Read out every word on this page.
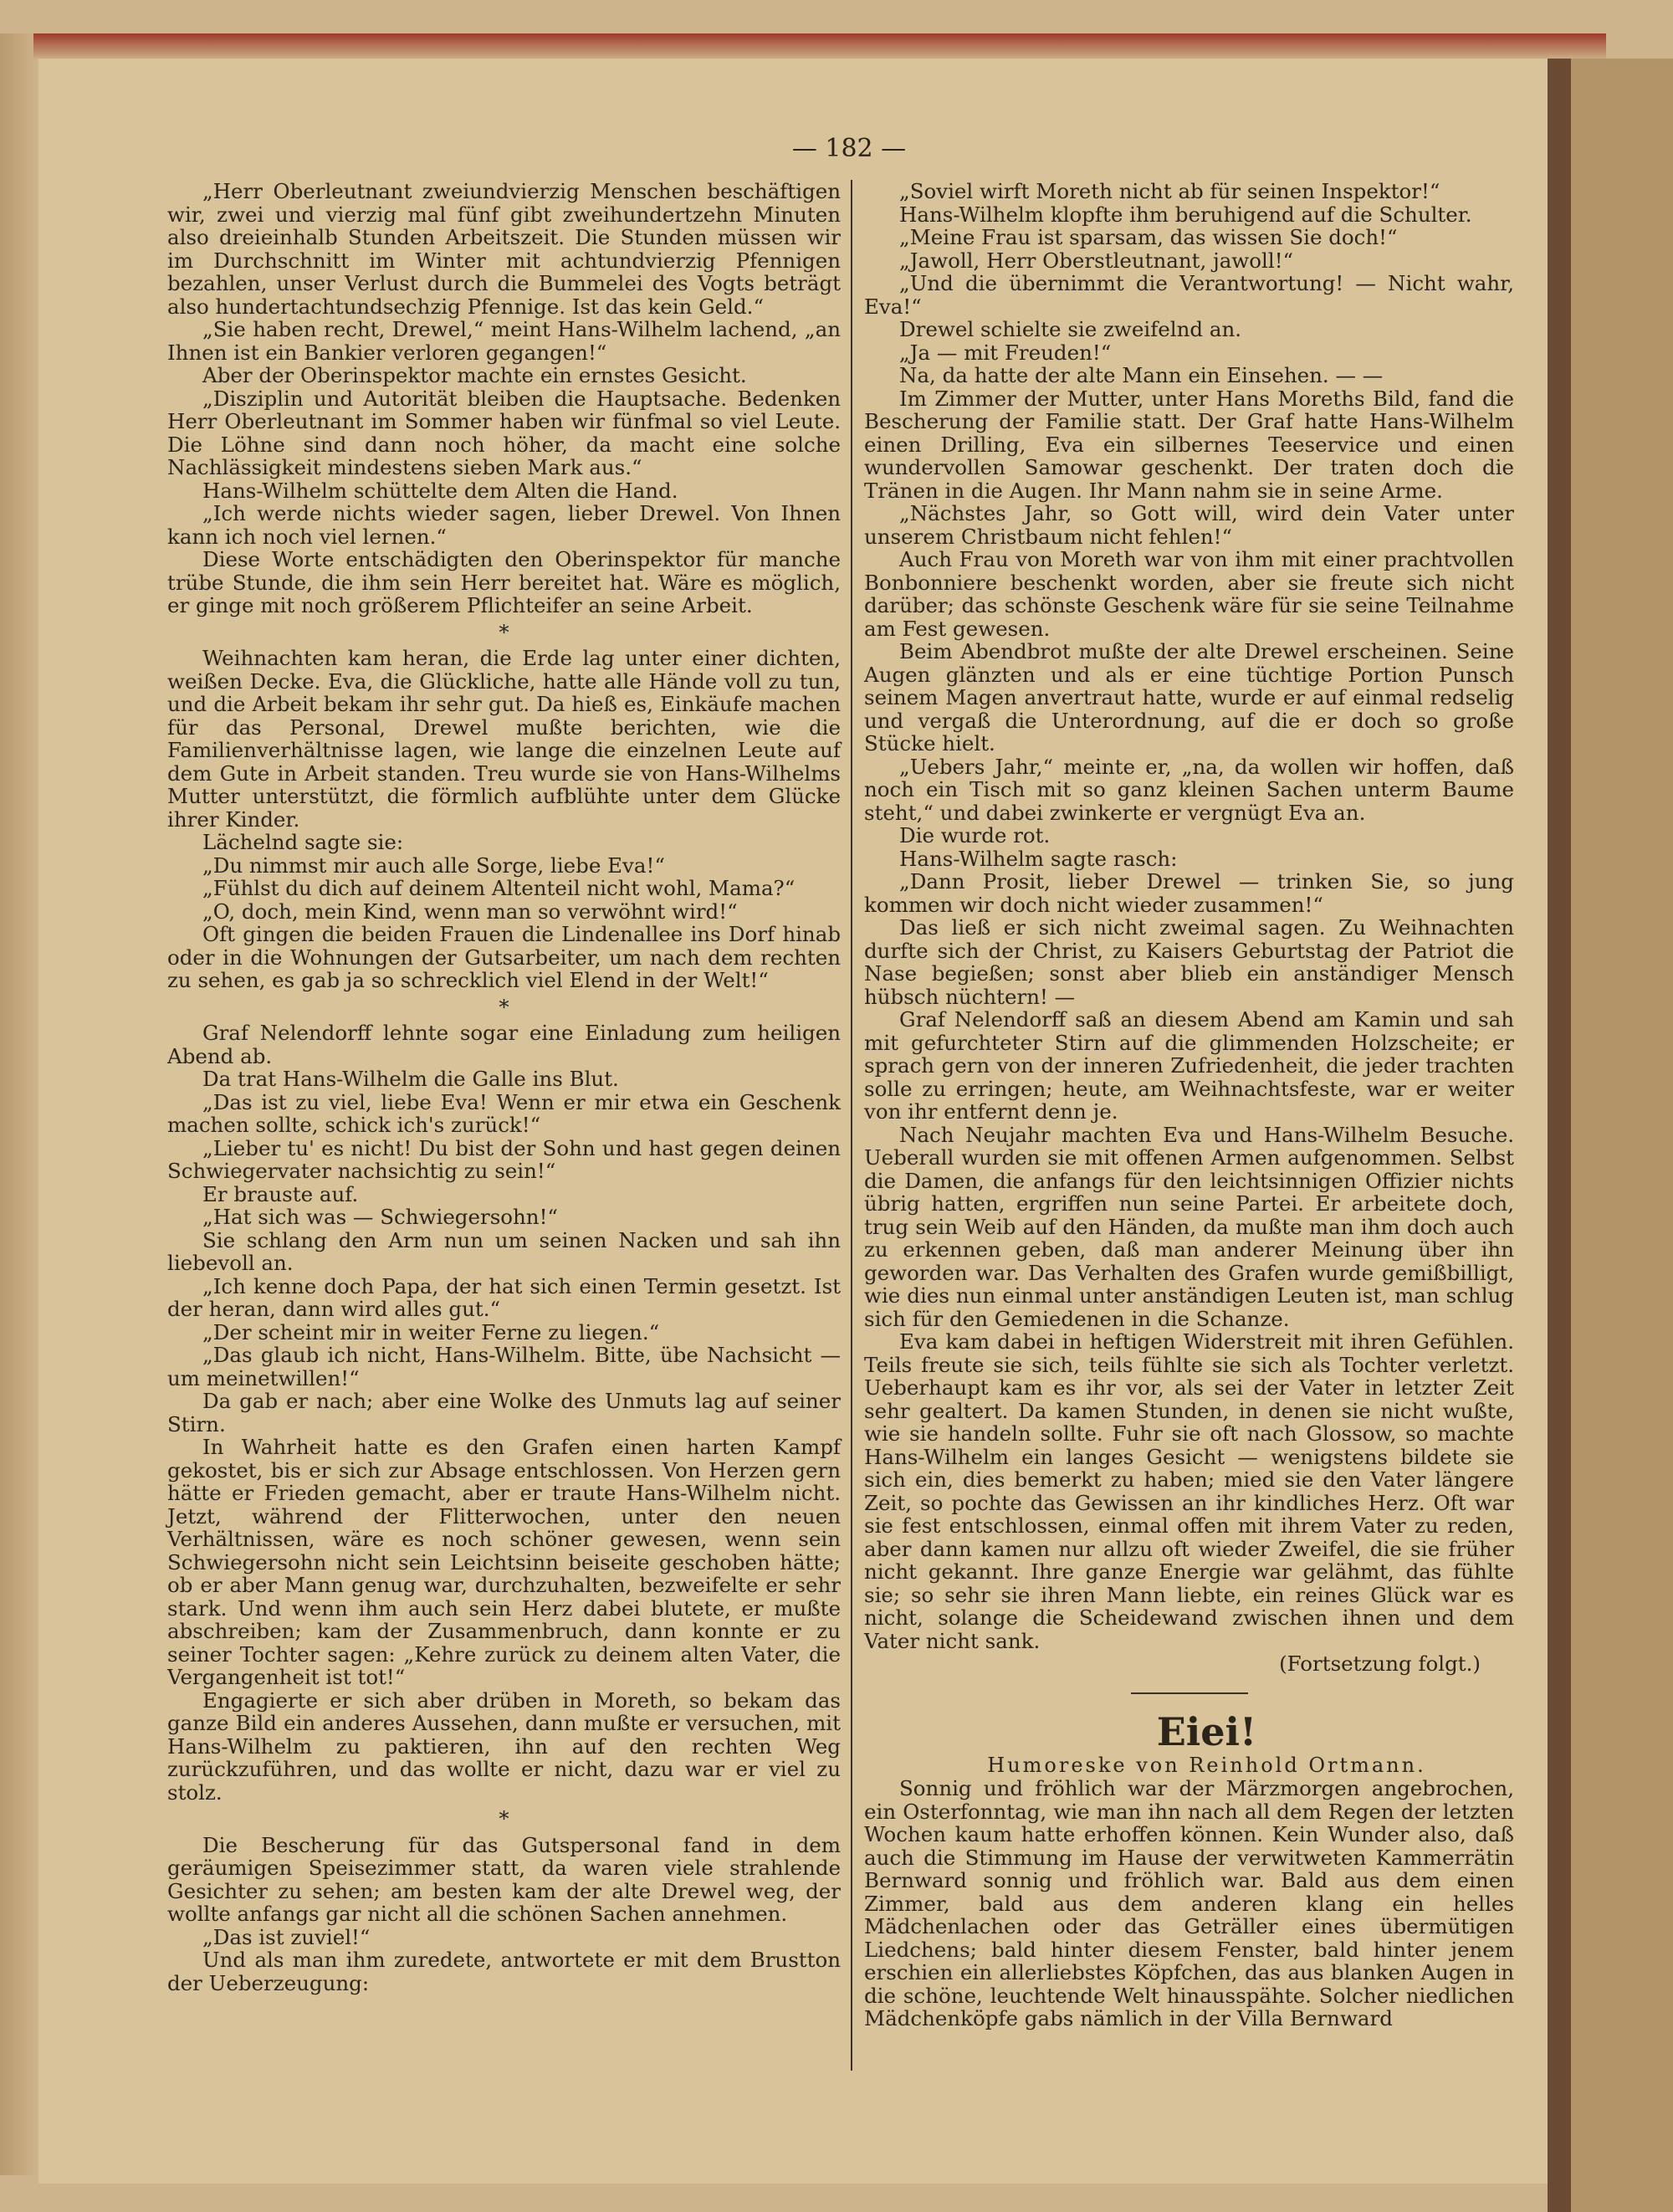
— 182 —

„Herr Oberleutnant zweiundvierzig Menschen beschäftigen wir, zwei und vierzig mal fünf gibt zweihundertzehn Minuten also dreieinhalb Stunden Arbeitszeit. Die Stunden müssen wir im Durchschnitt im Winter mit achtundvierzig Pfennigen bezahlen, unser Verlust durch die Bummelei des Vogts beträgt also hundertachtundsechzig Pfennige. Ist das kein Geld.“

„Sie haben recht, Drewel,“ meint Hans-Wilhelm lachend, „an Ihnen ist ein Bankier verloren gegangen!“

Aber der Oberinspektor machte ein ernstes Gesicht.

„Disziplin und Autorität bleiben die Hauptsache. Bedenken Herr Oberleutnant im Sommer haben wir fünfmal so viel Leute. Die Löhne sind dann noch höher, da macht eine solche Nachlässigkeit mindestens sieben Mark aus.“

Hans-Wilhelm schüttelte dem Alten die Hand.

„Ich werde nichts wieder sagen, lieber Drewel. Von Ihnen kann ich noch viel lernen.“

Diese Worte entschädigten den Oberinspektor für manche trübe Stunde, die ihm sein Herr bereitet hat. Wäre es möglich, er ginge mit noch größerem Pflichteifer an seine Arbeit.

*

Weihnachten kam heran, die Erde lag unter einer dichten, weißen Decke. Eva, die Glückliche, hatte alle Hände voll zu tun, und die Arbeit bekam ihr sehr gut. Da hieß es, Einkäufe machen für das Personal, Drewel mußte berichten, wie die Familienverhältnisse lagen, wie lange die einzelnen Leute auf dem Gute in Arbeit standen. Treu wurde sie von Hans-Wilhelms Mutter unterstützt, die förmlich aufblühte unter dem Glücke ihrer Kinder.

Lächelnd sagte sie:

„Du nimmst mir auch alle Sorge, liebe Eva!“

„Fühlst du dich auf deinem Altenteil nicht wohl, Mama?“

„O, doch, mein Kind, wenn man so verwöhnt wird!“

Oft gingen die beiden Frauen die Lindenallee ins Dorf hinab oder in die Wohnungen der Gutsarbeiter, um nach dem rechten zu sehen, es gab ja so schrecklich viel Elend in der Welt!“

*

Graf Nelendorff lehnte sogar eine Einladung zum heiligen Abend ab.

Da trat Hans-Wilhelm die Galle ins Blut.

„Das ist zu viel, liebe Eva! Wenn er mir etwa ein Geschenk machen sollte, schick ich's zurück!“

„Lieber tu' es nicht! Du bist der Sohn und hast gegen deinen Schwiegervater nachsichtig zu sein!“

Er brauste auf.

„Hat sich was — Schwiegersohn!“

Sie schlang den Arm nun um seinen Nacken und sah ihn liebevoll an.

„Ich kenne doch Papa, der hat sich einen Termin gesetzt. Ist der heran, dann wird alles gut.“

„Der scheint mir in weiter Ferne zu liegen.“

„Das glaub ich nicht, Hans-Wilhelm. Bitte, übe Nachsicht — um meinetwillen!“

Da gab er nach; aber eine Wolke des Unmuts lag auf seiner Stirn.

In Wahrheit hatte es den Grafen einen harten Kampf gekostet, bis er sich zur Absage entschlossen. Von Herzen gern hätte er Frieden gemacht, aber er traute Hans-Wilhelm nicht. Jetzt, während der Flitterwochen, unter den neuen Verhältnissen, wäre es noch schöner gewesen, wenn sein Schwiegersohn nicht sein Leichtsinn beiseite geschoben hätte; ob er aber Mann genug war, durchzuhalten, bezweifelte er sehr stark. Und wenn ihm auch sein Herz dabei blutete, er mußte abschreiben; kam der Zusammenbruch, dann konnte er zu seiner Tochter sagen: „Kehre zurück zu deinem alten Vater, die Vergangenheit ist tot!“

Engagierte er sich aber drüben in Moreth, so bekam das ganze Bild ein anderes Aussehen, dann mußte er versuchen, mit Hans-Wilhelm zu paktieren, ihn auf den rechten Weg zurückzuführen, und das wollte er nicht, dazu war er viel zu stolz.

*

Die Bescherung für das Gutspersonal fand in dem geräumigen Speisezimmer statt, da waren viele strahlende Gesichter zu sehen; am besten kam der alte Drewel weg, der wollte anfangs gar nicht all die schönen Sachen annehmen.

„Das ist zuviel!“

Und als man ihm zuredete, antwortete er mit dem Brustton der Ueberzeugung:

„Soviel wirft Moreth nicht ab für seinen Inspektor!“

Hans-Wilhelm klopfte ihm beruhigend auf die Schulter.

„Meine Frau ist sparsam, das wissen Sie doch!“

„Jawoll, Herr Oberstleutnant, jawoll!“

„Und die übernimmt die Verantwortung! — Nicht wahr, Eva!“

Drewel schielte sie zweifelnd an.

„Ja — mit Freuden!“

Na, da hatte der alte Mann ein Einsehen. — —

Im Zimmer der Mutter, unter Hans Moreths Bild, fand die Bescherung der Familie statt. Der Graf hatte Hans-Wilhelm einen Drilling, Eva ein silbernes Teeservice und einen wundervollen Samowar geschenkt. Der traten doch die Tränen in die Augen. Ihr Mann nahm sie in seine Arme.

„Nächstes Jahr, so Gott will, wird dein Vater unter unserem Christbaum nicht fehlen!“

Auch Frau von Moreth war von ihm mit einer prachtvollen Bonbonniere beschenkt worden, aber sie freute sich nicht darüber; das schönste Geschenk wäre für sie seine Teilnahme am Fest gewesen.

Beim Abendbrot mußte der alte Drewel erscheinen. Seine Augen glänzten und als er eine tüchtige Portion Punsch seinem Magen anvertraut hatte, wurde er auf einmal redselig und vergaß die Unterordnung, auf die er doch so große Stücke hielt.

„Uebers Jahr,“ meinte er, „na, da wollen wir hoffen, daß noch ein Tisch mit so ganz kleinen Sachen unterm Baume steht,“ und dabei zwinkerte er vergnügt Eva an.

Die wurde rot.

Hans-Wilhelm sagte rasch:

„Dann Prosit, lieber Drewel — trinken Sie, so jung kommen wir doch nicht wieder zusammen!“

Das ließ er sich nicht zweimal sagen. Zu Weihnachten durfte sich der Christ, zu Kaisers Geburtstag der Patriot die Nase begießen; sonst aber blieb ein anständiger Mensch hübsch nüchtern! —

Graf Nelendorff saß an diesem Abend am Kamin und sah mit gefurchteter Stirn auf die glimmenden Holzscheite; er sprach gern von der inneren Zufriedenheit, die jeder trachten solle zu erringen; heute, am Weihnachtsfeste, war er weiter von ihr entfernt denn je.

Nach Neujahr machten Eva und Hans-Wilhelm Besuche. Ueberall wurden sie mit offenen Armen aufgenommen. Selbst die Damen, die anfangs für den leichtsinnigen Offizier nichts übrig hatten, ergriffen nun seine Partei. Er arbeitete doch, trug sein Weib auf den Händen, da mußte man ihm doch auch zu erkennen geben, daß man anderer Meinung über ihn geworden war. Das Verhalten des Grafen wurde gemißbilligt, wie dies nun einmal unter anständigen Leuten ist, man schlug sich für den Gemiedenen in die Schanze.

Eva kam dabei in heftigen Widerstreit mit ihren Gefühlen. Teils freute sie sich, teils fühlte sie sich als Tochter verletzt. Ueberhaupt kam es ihr vor, als sei der Vater in letzter Zeit sehr gealtert. Da kamen Stunden, in denen sie nicht wußte, wie sie handeln sollte. Fuhr sie oft nach Glossow, so machte Hans-Wilhelm ein langes Gesicht — wenigstens bildete sie sich ein, dies bemerkt zu haben; mied sie den Vater längere Zeit, so pochte das Gewissen an ihr kindliches Herz. Oft war sie fest entschlossen, einmal offen mit ihrem Vater zu reden, aber dann kamen nur allzu oft wieder Zweifel, die sie früher nicht gekannt. Ihre ganze Energie war gelähmt, das fühlte sie; so sehr sie ihren Mann liebte, ein reines Glück war es nicht, solange die Scheidewand zwischen ihnen und dem Vater nicht sank.

(Fortsetzung folgt.)

Eiei!

Humoreske von Reinhold Ortmann.

Sonnig und fröhlich war der Märzmorgen angebrochen, ein Osterfonntag, wie man ihn nach all dem Regen der letzten Wochen kaum hatte erhoffen können. Kein Wunder also, daß auch die Stimmung im Hause der verwitweten Kammerrätin Bernward sonnig und fröhlich war. Bald aus dem einen Zimmer, bald aus dem anderen klang ein helles Mädchenlachen oder das Geträller eines übermütigen Liedchens; bald hinter diesem Fenster, bald hinter jenem erschien ein allerliebstes Köpfchen, das aus blanken Augen in die schöne, leuchtende Welt hinausspähte. Solcher niedlichen Mädchenköpfe gabs nämlich in der Villa Bernward
